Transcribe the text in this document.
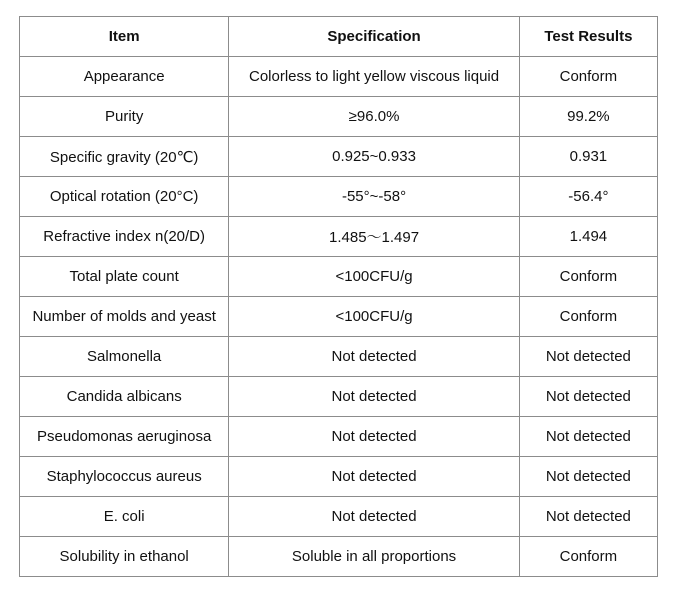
Item	Specification	Test Results
Appearance	Colorless to light yellow viscous liquid	Conform
Purity	≥96.0%	99.2%
Specific gravity (20℃)	0.925~0.933	0.931
Optical rotation (20°C)	-55°~-58°	-56.4°
Refractive index n(20/D)	1.485～1.497	1.494
Total plate count	<100CFU/g	Conform
Number of molds and yeast	<100CFU/g	Conform
Salmonella	Not detected	Not detected
Candida albicans	Not detected	Not detected
Pseudomonas aeruginosa	Not detected	Not detected
Staphylococcus aureus	Not detected	Not detected
E. coli	Not detected	Not detected
Solubility in ethanol	Soluble in all proportions	Conform
